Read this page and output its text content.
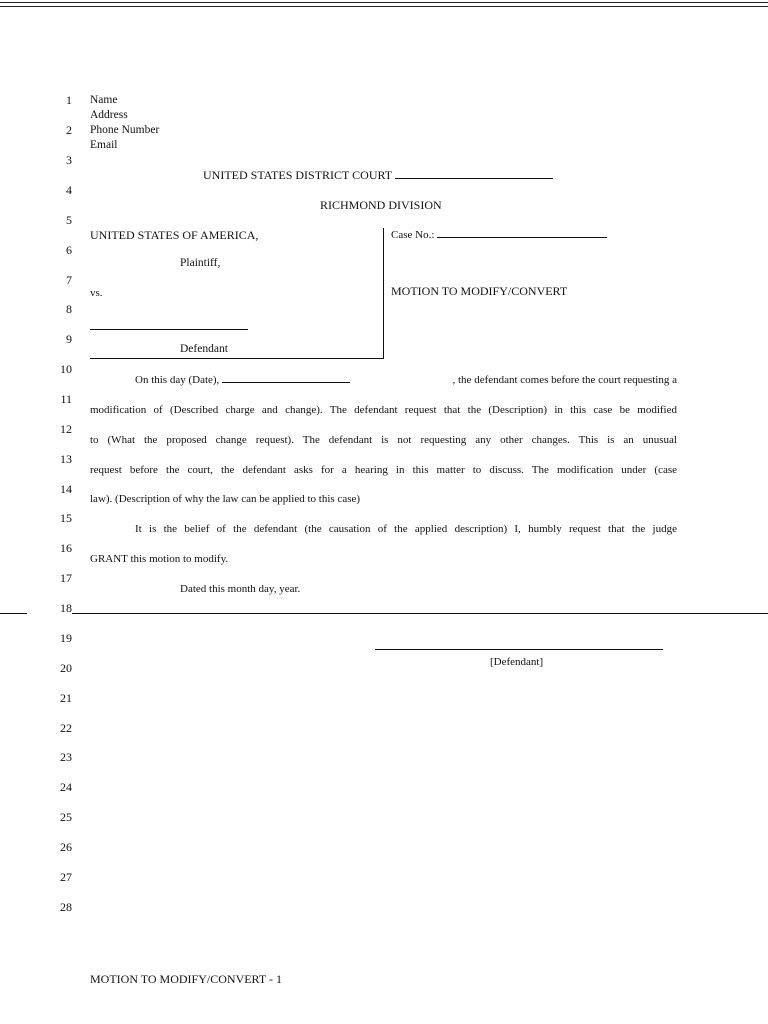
1
2
3
4
5
6
7
8
9
10
11
12
13
14
15
16
17
18
19
20
21
22
23
24
25
26
27
28
Name
Address
Phone Number
Email
UNITED STATES DISTRICT COURT
RICHMOND DIVISION
UNITED STATES OF AMERICA,
Plaintiff,
vs.
Defendant
Case No.:
MOTION TO MODIFY/CONVERT
On this day (Date),	, the defendant comes before the court requesting a
modification of (Described charge and change). The defendant request that the (Description) in this case be modified
to (What the proposed change request). The defendant is not requesting any other changes. This is an unusual
request before the court, the defendant asks for a hearing in this matter to discuss. The modification under (case
law). (Description of why the law can be applied to this case)
It is the belief of the defendant (the causation of the applied description) I, humbly request that the judge
GRANT this motion to modify.
Dated this month day, year.
[Defendant]
MOTION TO MODIFY/CONVERT - 1
